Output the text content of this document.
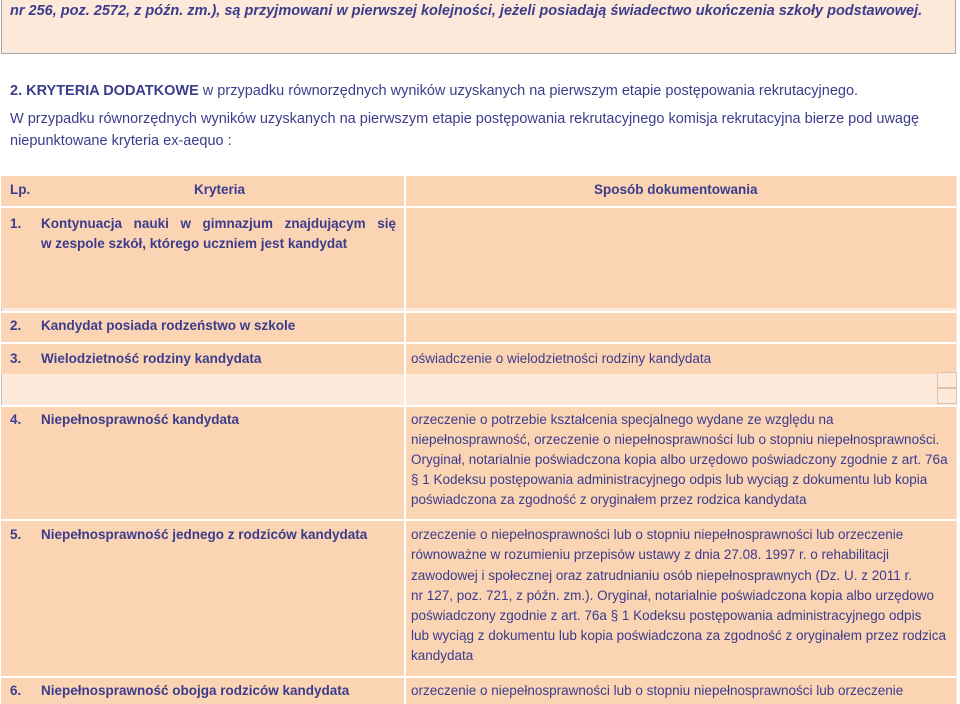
nr 256, poz. 2572, z późn. zm.), są przyjmowani w pierwszej kolejności, jeżeli posiadają świadectwo ukończenia szkoły podstawowej.
2. KRYTERIA DODATKOWE w przypadku równorzędnych wyników uzyskanych na pierwszym etapie postępowania rekrutacyjnego.
W przypadku równorzędnych wyników uzyskanych na pierwszym etapie postępowania rekrutacyjnego komisja rekrutacyjna bierze pod uwagę niepunktowane kryteria ex-aequo :
Lp.	Kryteria	Sposób dokumentowania
1. Kontynuacja nauki w gimnazjum znajdującym się
w zespole szkół, którego uczniem jest kandydat
2. Kandydat posiada rodzeństwo w szkole
3. Wielodzietność rodziny kandydata	oświadczenie o wielodzietności rodziny kandydata
4. Niepełnosprawność kandydata	orzeczenie o potrzebie kształcenia specjalnego wydane ze względu na
niepełnosprawność, orzeczenie o niepełnosprawności lub o stopniu niepełnosprawności.
Oryginał, notarialnie poświadczona kopia albo urzędowo poświadczony zgodnie z art. 76a
§ 1 Kodeksu postępowania administracyjnego odpis lub wyciąg z dokumentu lub kopia
poświadczona za zgodność z oryginałem przez rodzica kandydata
5. Niepełnosprawność jednego z rodziców kandydata	orzeczenie o niepełnosprawności lub o stopniu niepełnosprawności lub orzeczenie
równoważne w rozumieniu przepisów ustawy z dnia 27.08. 1997 r. o rehabilitacji
zawodowej i społecznej oraz zatrudnianiu osób niepełnosprawnych (Dz. U. z 2011 r.
nr 127, poz. 721, z późn. zm.). Oryginał, notarialnie poświadczona kopia albo urzędowo
poświadczony zgodnie z art. 76a § 1 Kodeksu postępowania administracyjnego odpis
lub wyciąg z dokumentu lub kopia poświadczona za zgodność z oryginałem przez rodzica
kandydata
6. Niepełnosprawność obojga rodziców kandydata	orzeczenie o niepełnosprawności lub o stopniu niepełnosprawności lub orzeczenie
